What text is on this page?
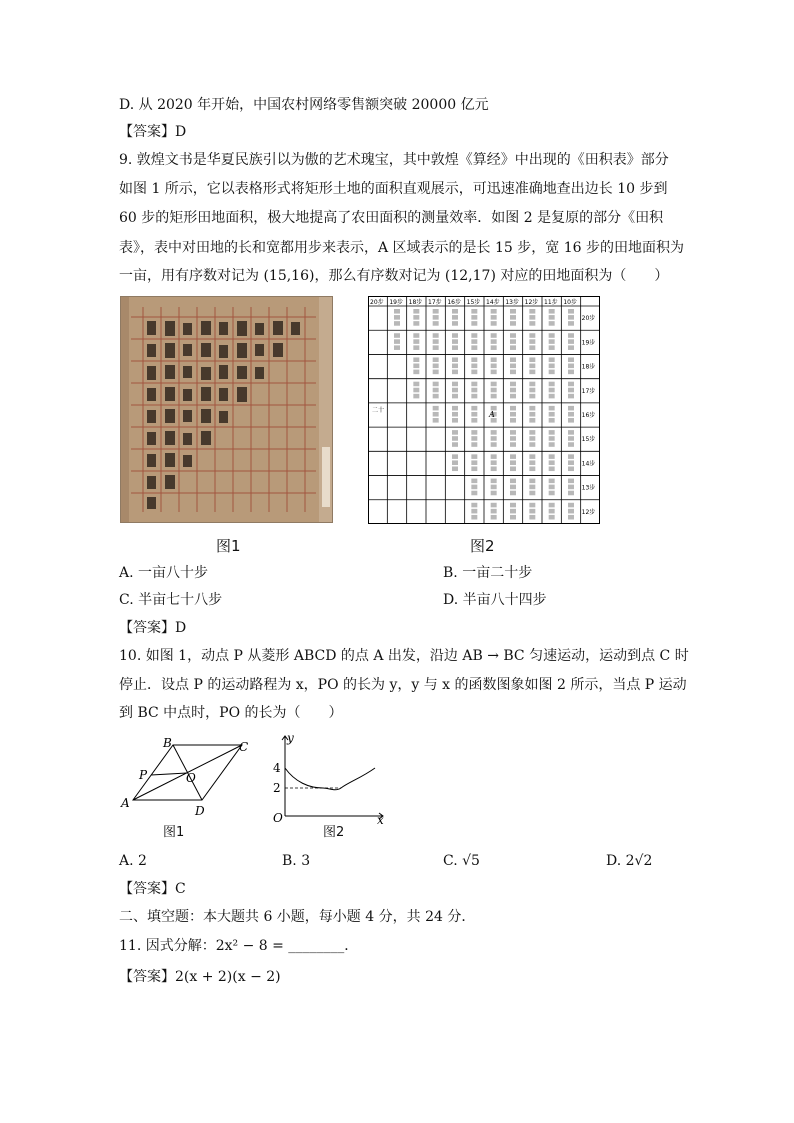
D. 从 2020 年开始，中国农村网络零售额突破 20000 亿元
【答案】D
9. 敦煌文书是华夏民族引以为傲的艺术瑰宝，其中敦煌《算经》中出现的《田积表》部分
如图 1 所示，它以表格形式将矩形土地的面积直观展示，可迅速准确地查出边长 10 步到
60 步的矩形田地面积，极大地提高了农田面积的测量效率．如图 2 是复原的部分《田积
表》，表中对田地的长和宽都用步来表示，A 区域表示的是长 15 步，宽 16 步的田地面积为
一亩，用有序数对记为 (15,16)，那么有序数对记为 (12,17) 对应的田地面积为（　　）
20步 19步 18步 17步 16步 15步 14步 13步 12步 11步 10步
20步
19步
18步
17步
16步
15步
14步
13步
12步
A
二十
图1	图2
A. 一亩八十步	B. 一亩二十步
C. 半亩七十八步	D. 半亩八十四步
【答案】D
10. 如图 1，动点 P 从菱形 ABCD 的点 A 出发，沿边 AB → BC 匀速运动，运动到点 C 时
停止．设点 P 的运动路程为 x，PO 的长为 y，y 与 x 的函数图象如图 2 所示，当点 P 运动
到 BC 中点时，PO 的长为（　　）
A
B	C
D
P	O
图1
4
2
O
y
x
图2
A. 2	B. 3	C. √5	D. 2√2
【答案】C
二、填空题：本大题共 6 小题，每小题 4 分，共 24 分．
11. 因式分解：2x² − 8 = ________．
【答案】2(x + 2)(x − 2)
